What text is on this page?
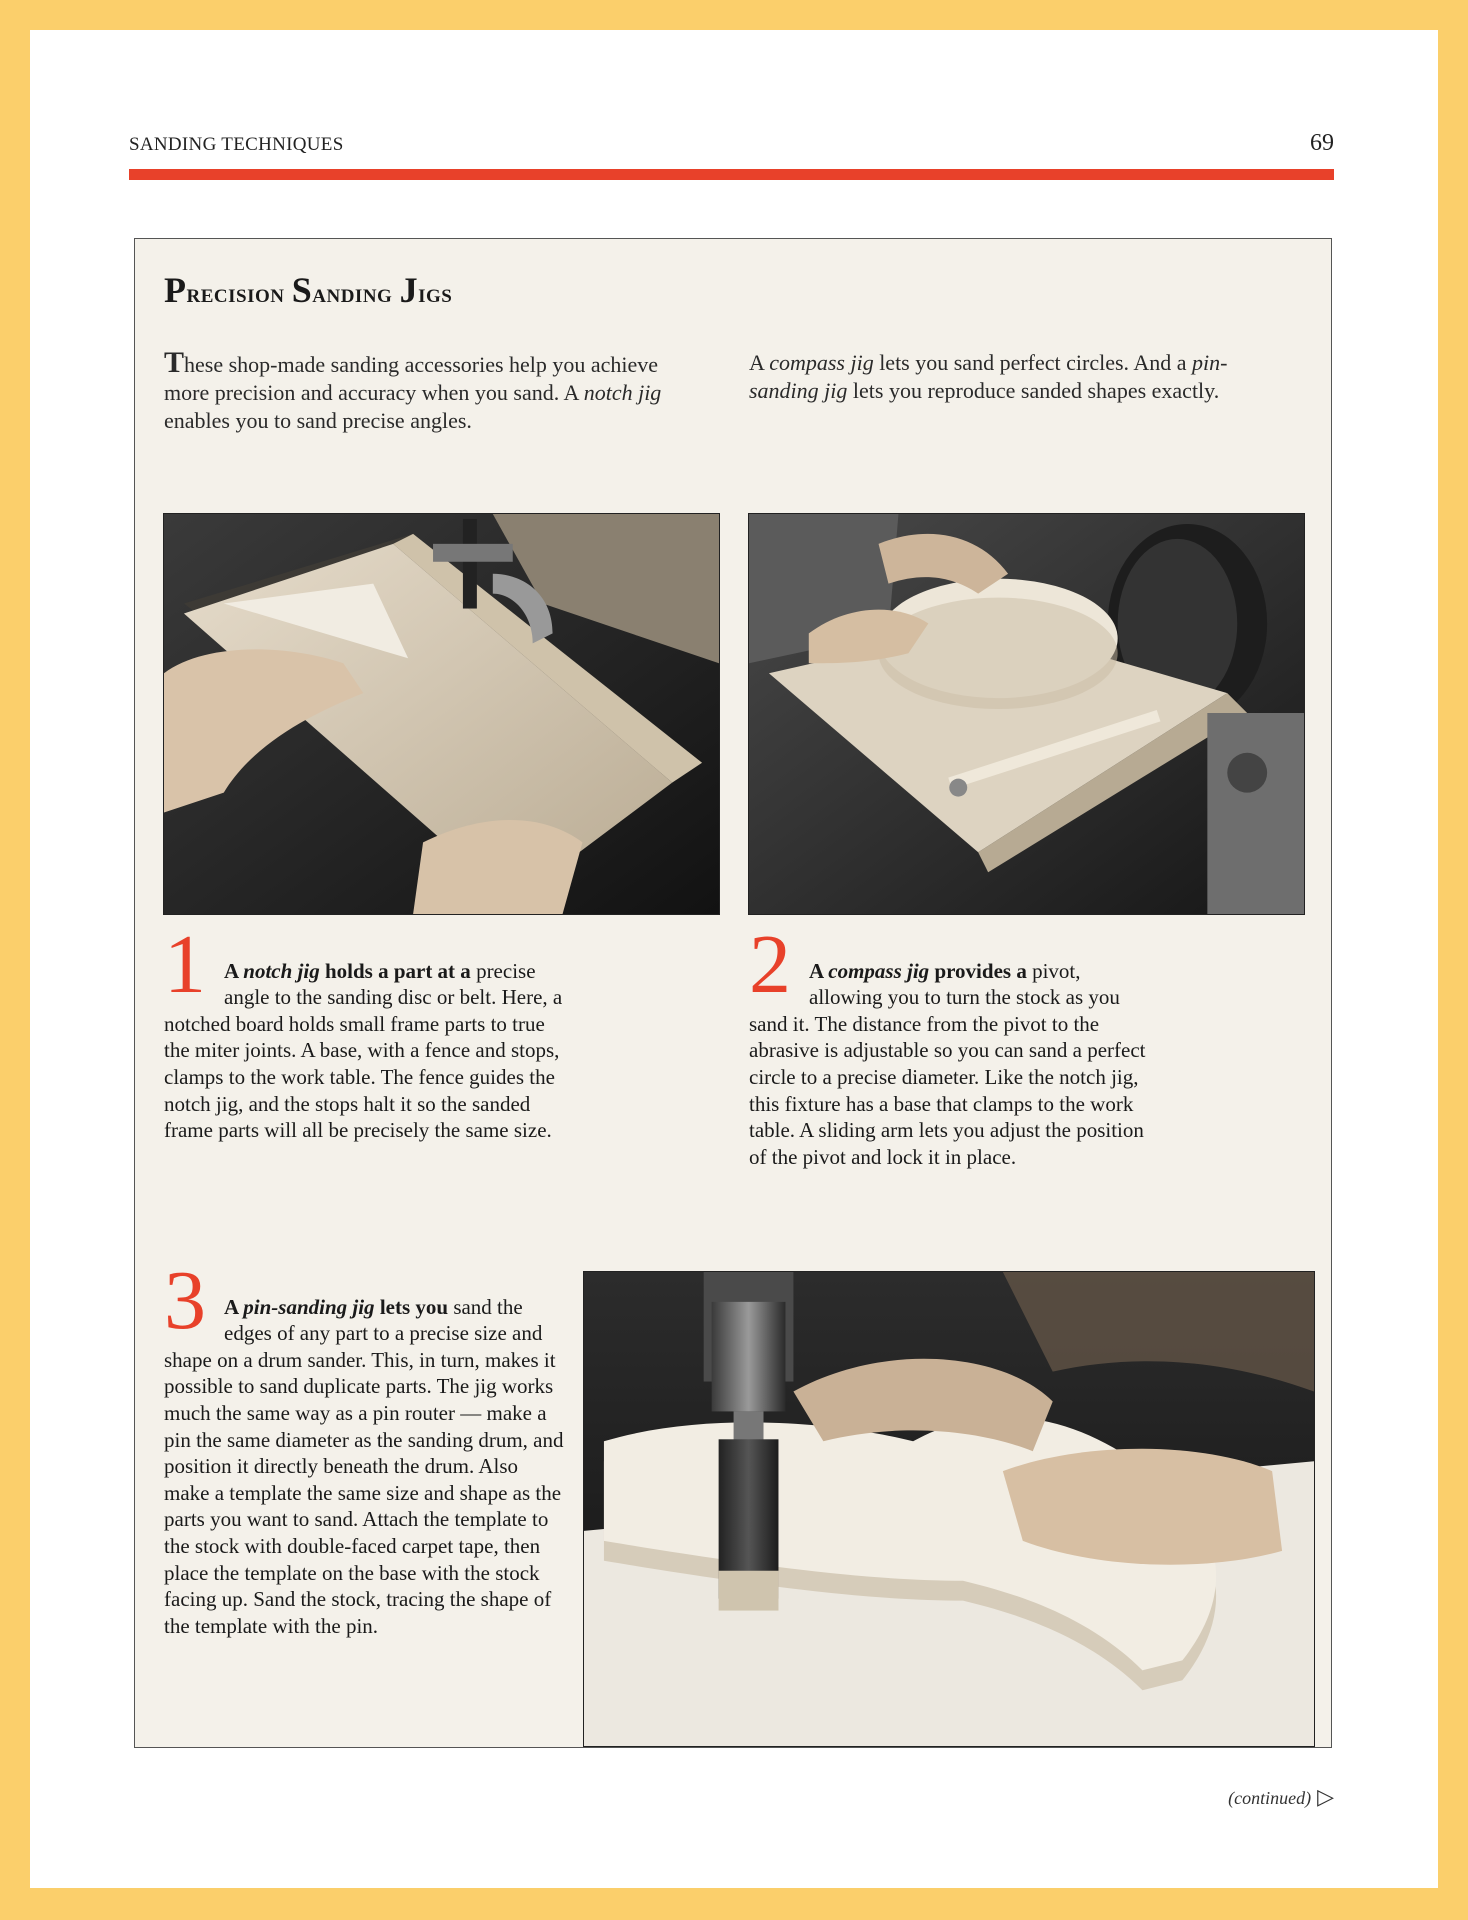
SANDING TECHNIQUES	69
Precision Sanding Jigs

These shop-made sanding accessories help you achieve more precision and accuracy when you sand. A notch jig enables you to sand precise angles.

A compass jig lets you sand perfect circles. And a pin-sanding jig lets you reproduce sanded shapes exactly.

1 A notch jig holds a part at a precise angle to the sanding disc or belt. Here, a notched board holds small frame parts to true the miter joints. A base, with a fence and stops, clamps to the work table. The fence guides the notch jig, and the stops halt it so the sanded frame parts will all be precisely the same size.

2 A compass jig provides a pivot, allowing you to turn the stock as you sand it. The distance from the pivot to the abrasive is adjustable so you can sand a perfect circle to a precise diameter. Like the notch jig, this fixture has a base that clamps to the work table. A sliding arm lets you adjust the position of the pivot and lock it in place.

3 A pin-sanding jig lets you sand the edges of any part to a precise size and shape on a drum sander. This, in turn, makes it possible to sand duplicate parts. The jig works much the same way as a pin router — make a pin the same diameter as the sanding drum, and position it directly beneath the drum. Also make a template the same size and shape as the parts you want to sand. Attach the template to the stock with double-faced carpet tape, then place the template on the base with the stock facing up. Sand the stock, tracing the shape of the template with the pin.

(continued) ▷
